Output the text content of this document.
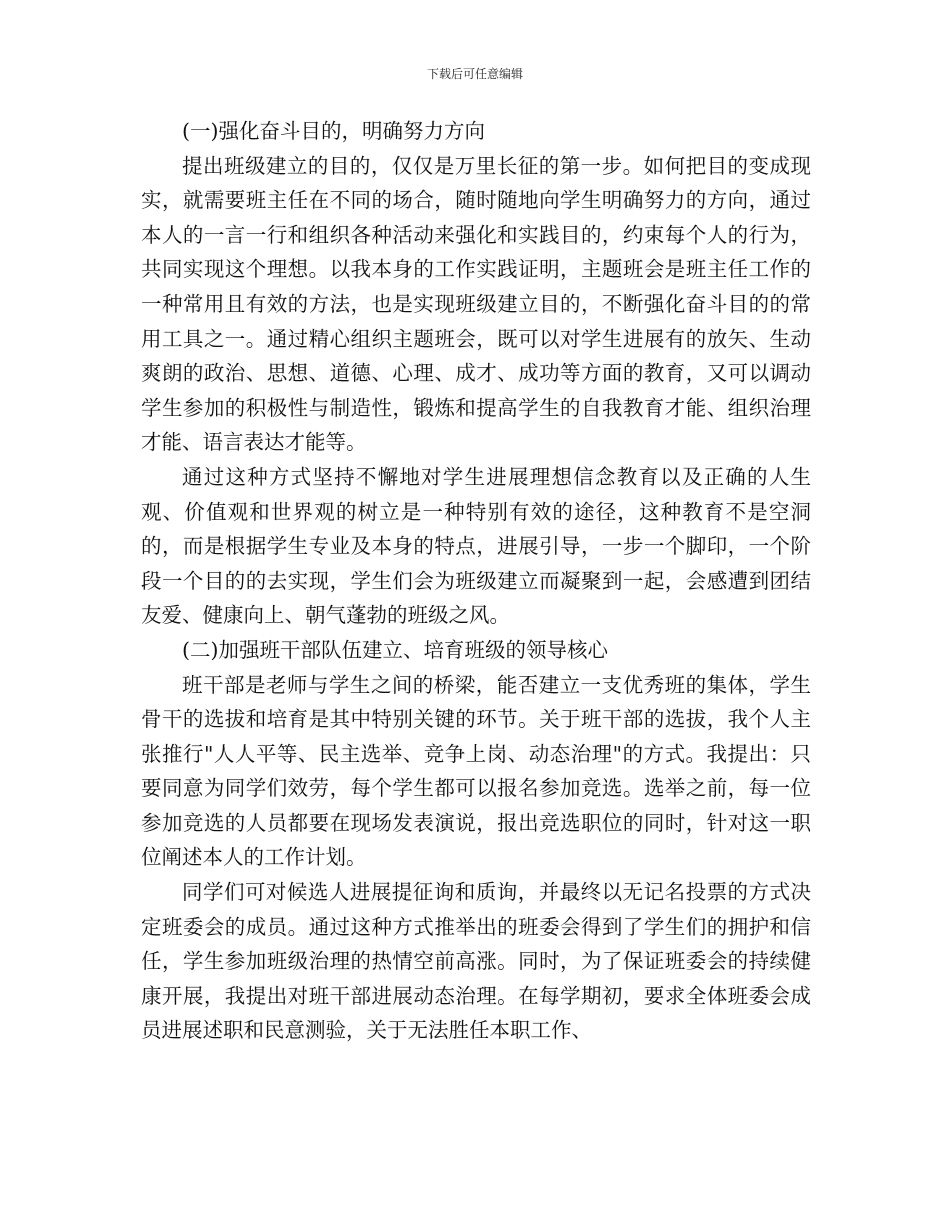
下载后可任意编辑

(一)强化奋斗目的，明确努力方向

提出班级建立的目的，仅仅是万里长征的第一步。如何把目的变成现实，就需要班主任在不同的场合，随时随地向学生明确努力的方向，通过本人的一言一行和组织各种活动来强化和实践目的，约束每个人的行为，共同实现这个理想。以我本身的工作实践证明，主题班会是班主任工作的一种常用且有效的方法，也是实现班级建立目的，不断强化奋斗目的的常用工具之一。通过精心组织主题班会，既可以对学生进展有的放矢、生动爽朗的政治、思想、道德、心理、成才、成功等方面的教育，又可以调动学生参加的积极性与制造性，锻炼和提高学生的自我教育才能、组织治理才能、语言表达才能等。

通过这种方式坚持不懈地对学生进展理想信念教育以及正确的人生观、价值观和世界观的树立是一种特别有效的途径，这种教育不是空洞的，而是根据学生专业及本身的特点，进展引导，一步一个脚印，一个阶段一个目的的去实现，学生们会为班级建立而凝聚到一起，会感遭到团结友爱、健康向上、朝气蓬勃的班级之风。

(二)加强班干部队伍建立、培育班级的领导核心

班干部是老师与学生之间的桥梁，能否建立一支优秀班的集体，学生骨干的选拔和培育是其中特别关键的环节。关于班干部的选拔，我个人主张推行"人人平等、民主选举、竞争上岗、动态治理"的方式。我提出：只要同意为同学们效劳，每个学生都可以报名参加竞选。选举之前，每一位参加竞选的人员都要在现场发表演说，报出竞选职位的同时，针对这一职位阐述本人的工作计划。

同学们可对候选人进展提征询和质询，并最终以无记名投票的方式决定班委会的成员。通过这种方式推举出的班委会得到了学生们的拥护和信任，学生参加班级治理的热情空前高涨。同时，为了保证班委会的持续健康开展，我提出对班干部进展动态治理。在每学期初，要求全体班委会成员进展述职和民意测验，关于无法胜任本职工作、
